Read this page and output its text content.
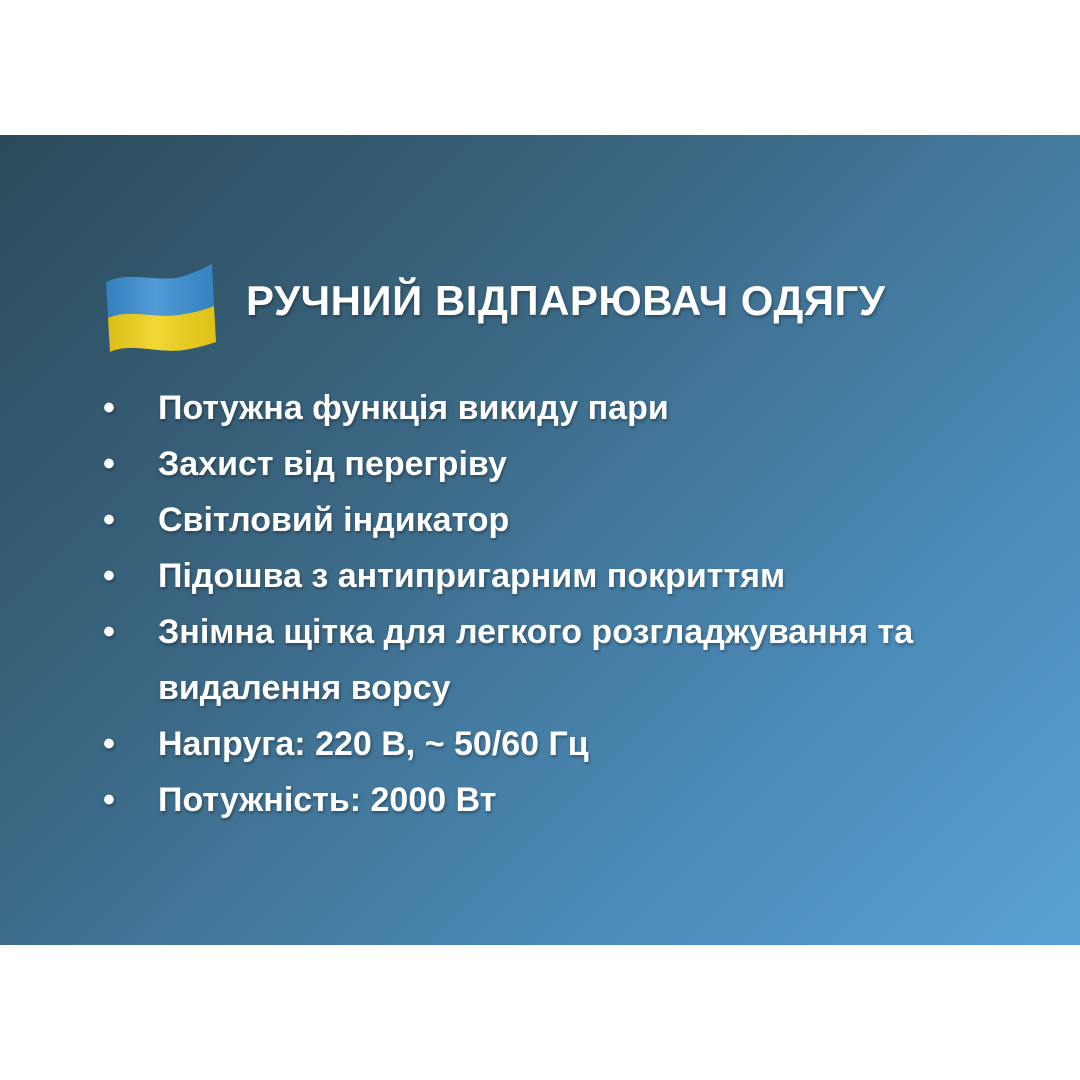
РУЧНИЙ ВІДПАРЮВАЧ ОДЯГУ
• Потужна функція викиду пари
• Захист від перегріву
• Світловий індикатор
• Підошва з антипригарним покриттям
• Знімна щітка для легкого розгладжування та видалення ворсу
• Напруга: 220 В, ~ 50/60 Гц
• Потужність: 2000 Вт
